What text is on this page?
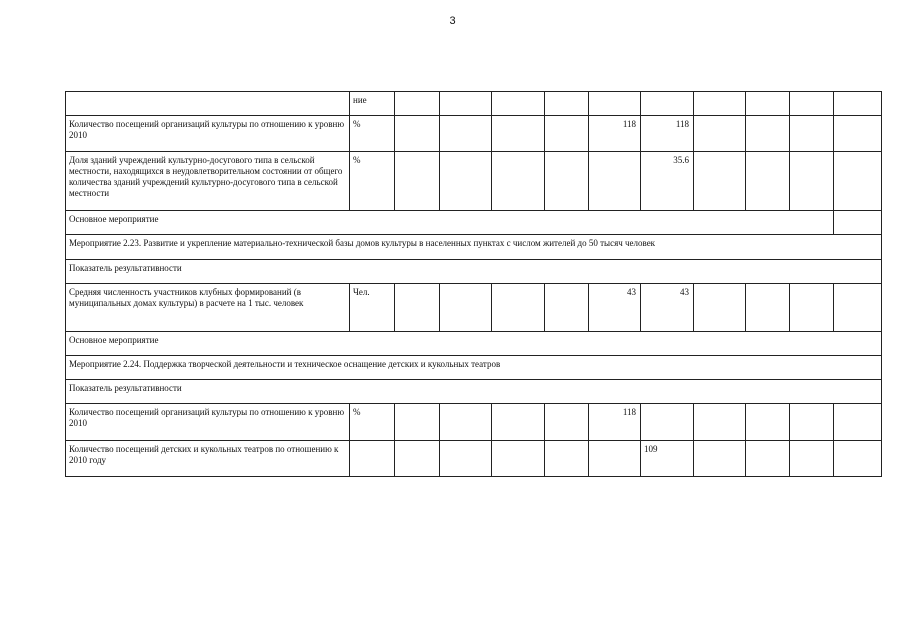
3
	ние										
Количество посещений организаций культуры по отношению к уровню 2010	%					118	118				
Доля зданий учреждений культурно-досугового типа в сельской местности, находящихся в неудовлетворительном состоянии от общего количества зданий учреждений культурно-досугового типа в сельской местности	%						35.6				
Основное мероприятие											
Мероприятие 2.23. Развитие и укрепление материально-технической базы домов культуры в населенных пунктах с числом жителей до 50 тысяч человек											
Показатель результативности											
Средняя численность участников клубных формирований (в муниципальных домах культуры) в расчете на 1 тыс. человек	Чел.					43	43				
Основное мероприятие											
Мероприятие 2.24. Поддержка творческой деятельности и техническое оснащение детских и кукольных театров											
Показатель результативности											
Количество посещений организаций культуры по отношению к уровню 2010	%					118					
Количество посещений детских и кукольных театров по отношению к 2010 году							109				
